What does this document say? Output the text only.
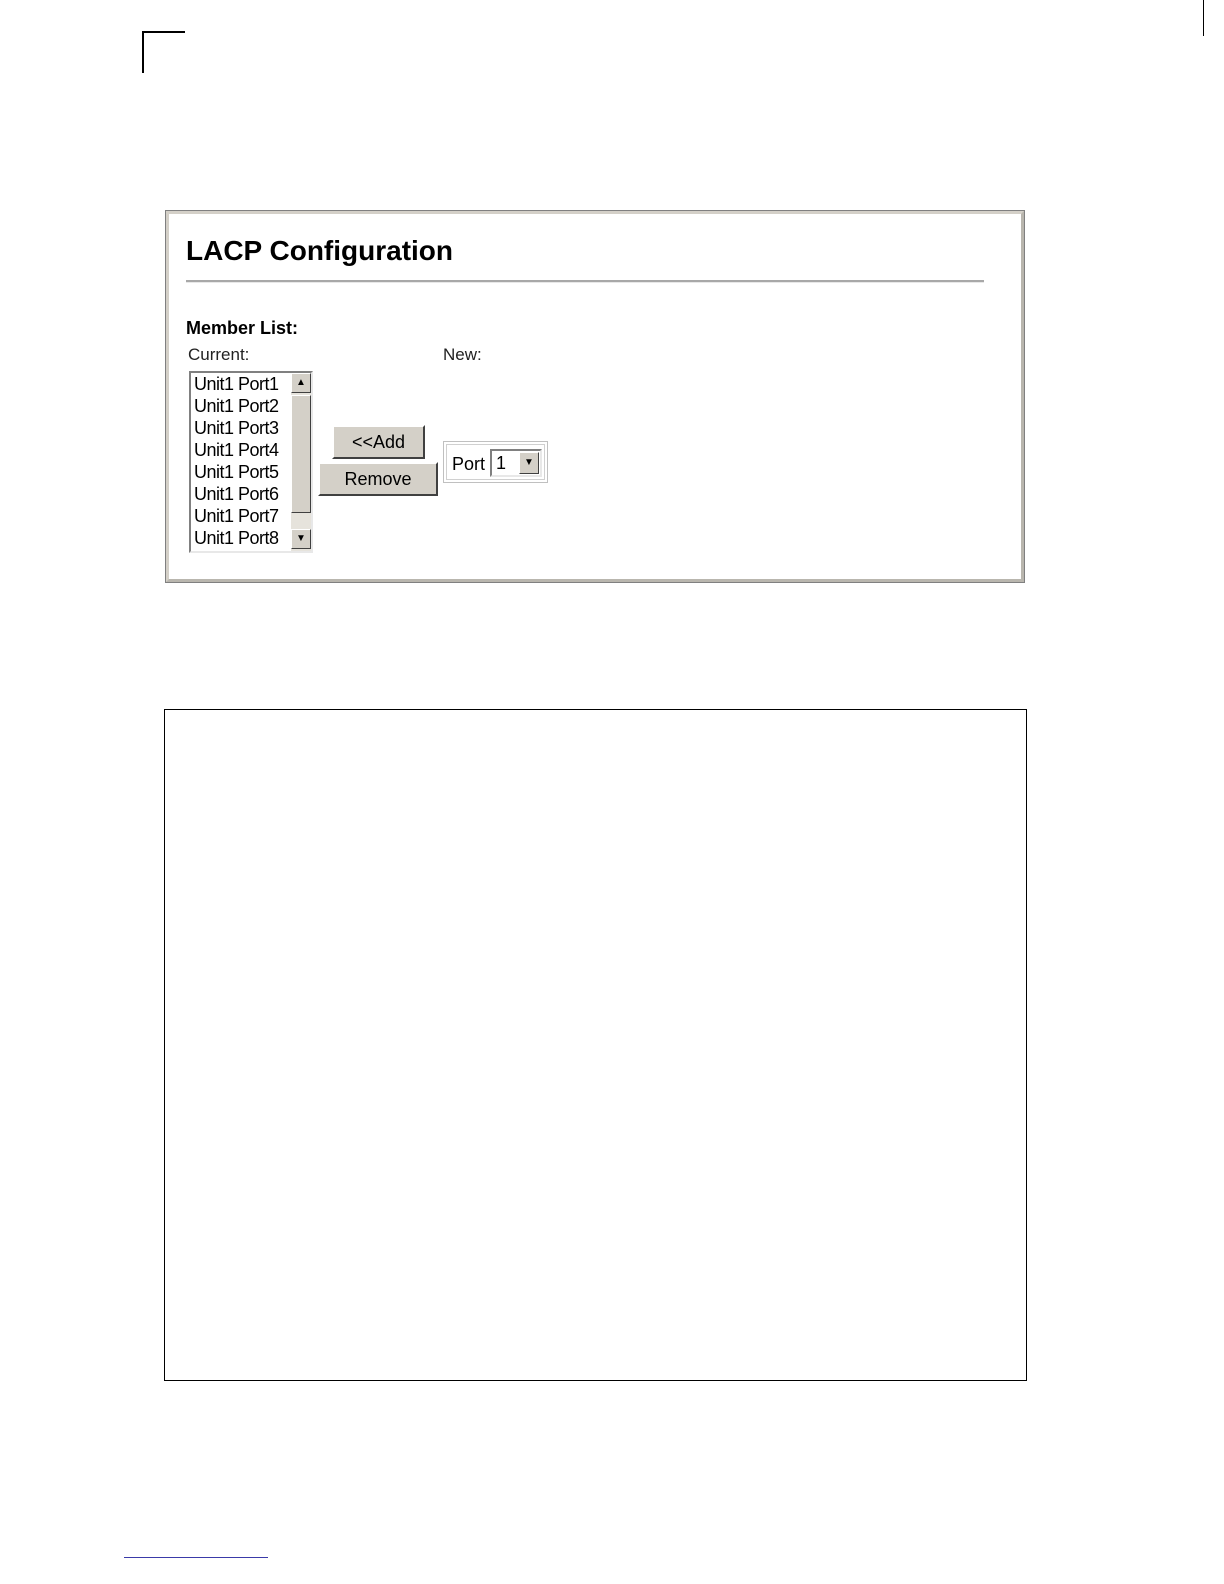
LACP Configuration
Member List:
Current:	New:
Unit1 Port1
Unit1 Port2
Unit1 Port3
Unit1 Port4
Unit1 Port5
Unit1 Port6
Unit1 Port7
Unit1 Port8
▲
▼
<<Add
Remove
Port 1	▼
